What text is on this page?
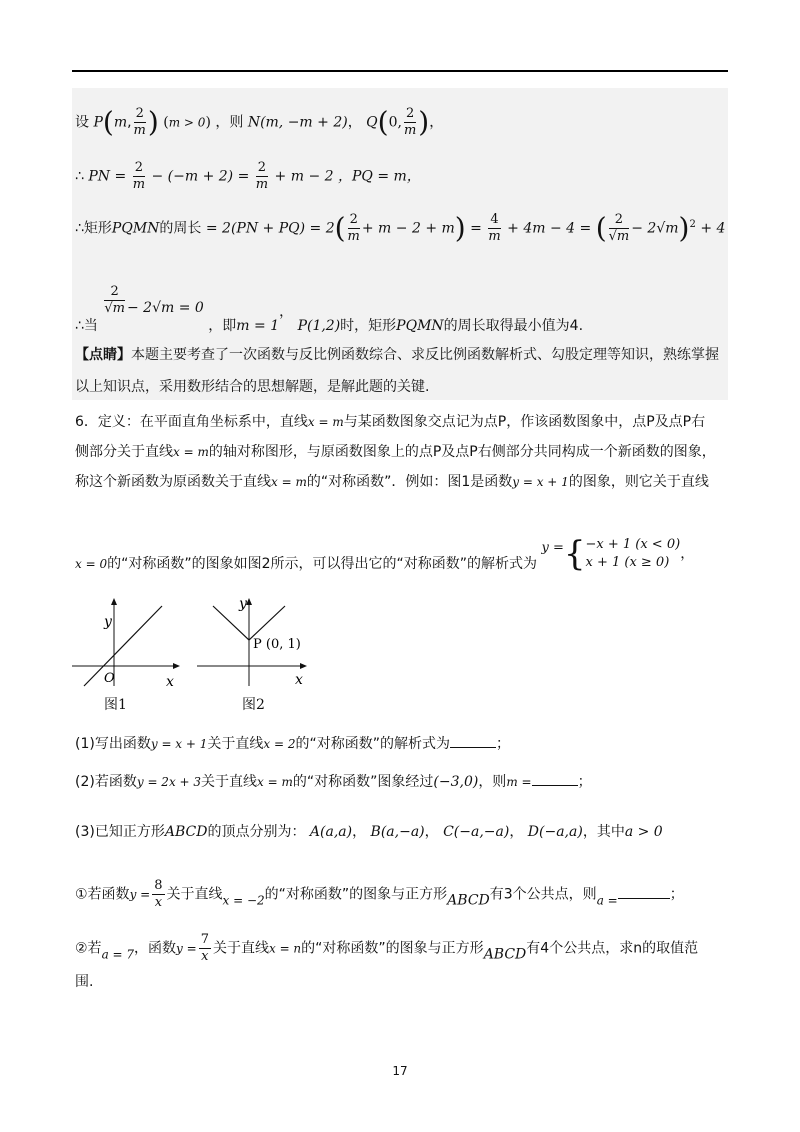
设 P(m, $\frac{2}{m}$ ) (m > 0) ，则 N(m, −m + 2)， Q(0, $\frac{2}{m}$ )，
∴ PN = $\frac{2}{m} - (-m + 2) = \frac{2}{m} + m - 2$ ，PQ = m，
∴矩形PQMN的周长 = $2(PN + PQ) = 2( \frac{2}{m} + m - 2 + m) = \frac{4}{m} + 4m - 4$ = ( $\frac{2}{√m} - 2√m)^2 + 4$
∴当
$\frac{2}{√m} - 2√m = 0$ ，即m = 1， P(1,2)时，矩形PQMN的周长取得最小值为4.
【点睛】本题主要考查了一次函数与反比例函数综合、求反比例函数解析式、勾股定理等知识，熟练掌握
以上知识点，采用数形结合的思想解题，是解此题的关键.
6．定义：在平面直角坐标系中，直线x = m与某函数图象交点记为点P，作该函数图象中，点P及点P右
侧部分关于直线x = m的轴对称图形，与原函数图象上的点P及点P右侧部分共同构成一个新函数的图象，
称这个新函数为原函数关于直线x = m的“对称函数”．例如：图1是函数y = x + 1的图象，则它关于直线
x = 0的“对称函数”的图象如图2所示，可以得出它的“对称函数”的解析式为 y ={−x + 1 (x < 0)
x + 1 (x ≥ 0)，
y
x
O
图1
y
x
P (0, 1)
图2
(1)写出函数y = x + 1关于直线x = 2的“对称函数”的解析式为	；
(2)若函数y = 2x + 3关于直线x = m的“对称函数”图象经过(−3,0)，则m =	；
(3)已知正方形ABCD的顶点分别为： A(a,a)， B(a,−a)， C(−a,−a)， D(−a,a)，其中a > 0
①若函数$y = \frac{8}{x}$ 关于直线x = −2的“对称函数”的图象与正方形ABCD有3个公共点，则a =	；
②若a = 7，函数$y = \frac{7}{x}$ 关于直线x = n的“对称函数”的图象与正方形ABCD有4个公共点，求n的取值范
围.
17
